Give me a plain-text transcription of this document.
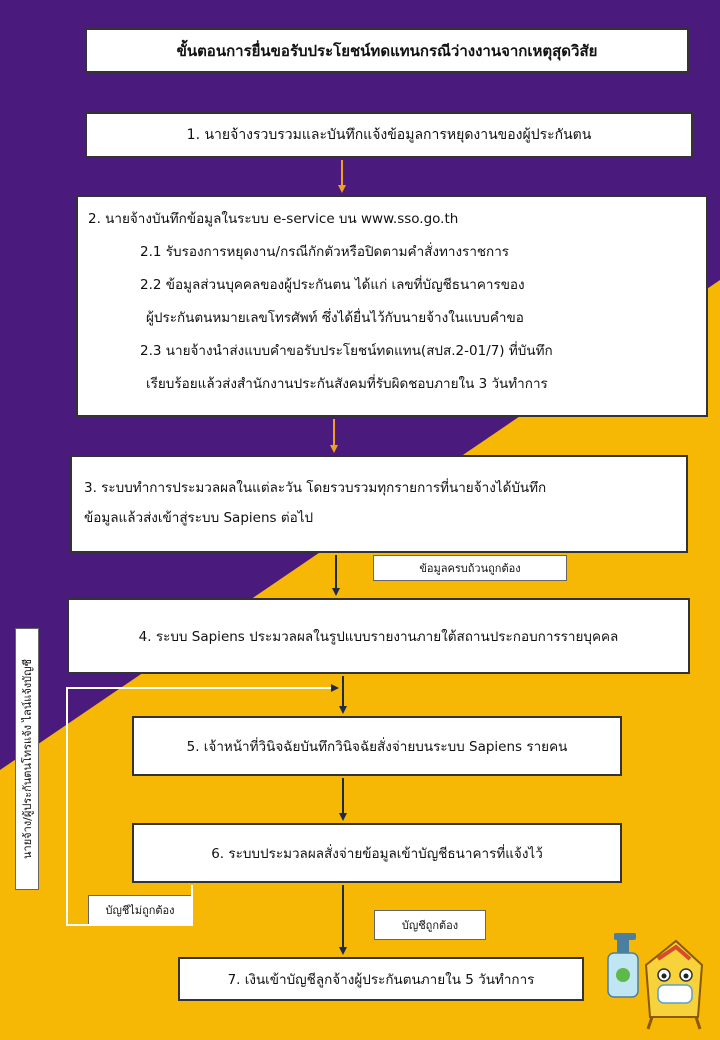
ขั้นตอนการยื่นขอรับประโยชน์ทดแทนกรณีว่างงานจากเหตุสุดวิสัย

1. นายจ้างรวบรวมและบันทึกแจ้งข้อมูลการหยุดงานของผู้ประกันตน

2. นายจ้างบันทึกข้อมูลในระบบ e-service บน www.sso.go.th

2.1 รับรองการหยุดงาน/กรณีกักตัวหรือปิดตามคำสั่งทางราชการ

2.2 ข้อมูลส่วนบุคคลของผู้ประกันตน ได้แก่ เลขที่บัญชีธนาคารของ

ผู้ประกันตนหมายเลขโทรศัพท์ ซึ่งได้ยื่นไว้กับนายจ้างในแบบคำขอ

2.3 นายจ้างนำส่งแบบคำขอรับประโยชน์ทดแทน(สปส.2-01/7) ที่บันทึก

เรียบร้อยแล้วส่งสำนักงานประกันสังคมที่รับผิดชอบภายใน 3 วันทำการ

3. ระบบทำการประมวลผลในแต่ละวัน โดยรวบรวมทุกรายการที่นายจ้างได้บันทึก

ข้อมูลแล้วส่งเข้าสู่ระบบ Sapiens ต่อไป

ข้อมูลครบถ้วนถูกต้อง

4. ระบบ Sapiens ประมวลผลในรูปแบบรายงานภายใต้สถานประกอบการรายบุคคล

5. เจ้าหน้าที่วินิจฉัยบันทึกวินิจฉัยสั่งจ่ายบนระบบ Sapiens รายคน

6. ระบบประมวลผลสั่งจ่ายข้อมูลเข้าบัญชีธนาคารที่แจ้งไว้

บัญชีไม่ถูกต้อง
บัญชีถูกต้อง

7. เงินเข้าบัญชีลูกจ้างผู้ประกันตนภายใน 5 วันทำการ

นายจ้าง/ผู้ประกันตนโทรแจ้ง ไลน์แจ้งบัญชี
